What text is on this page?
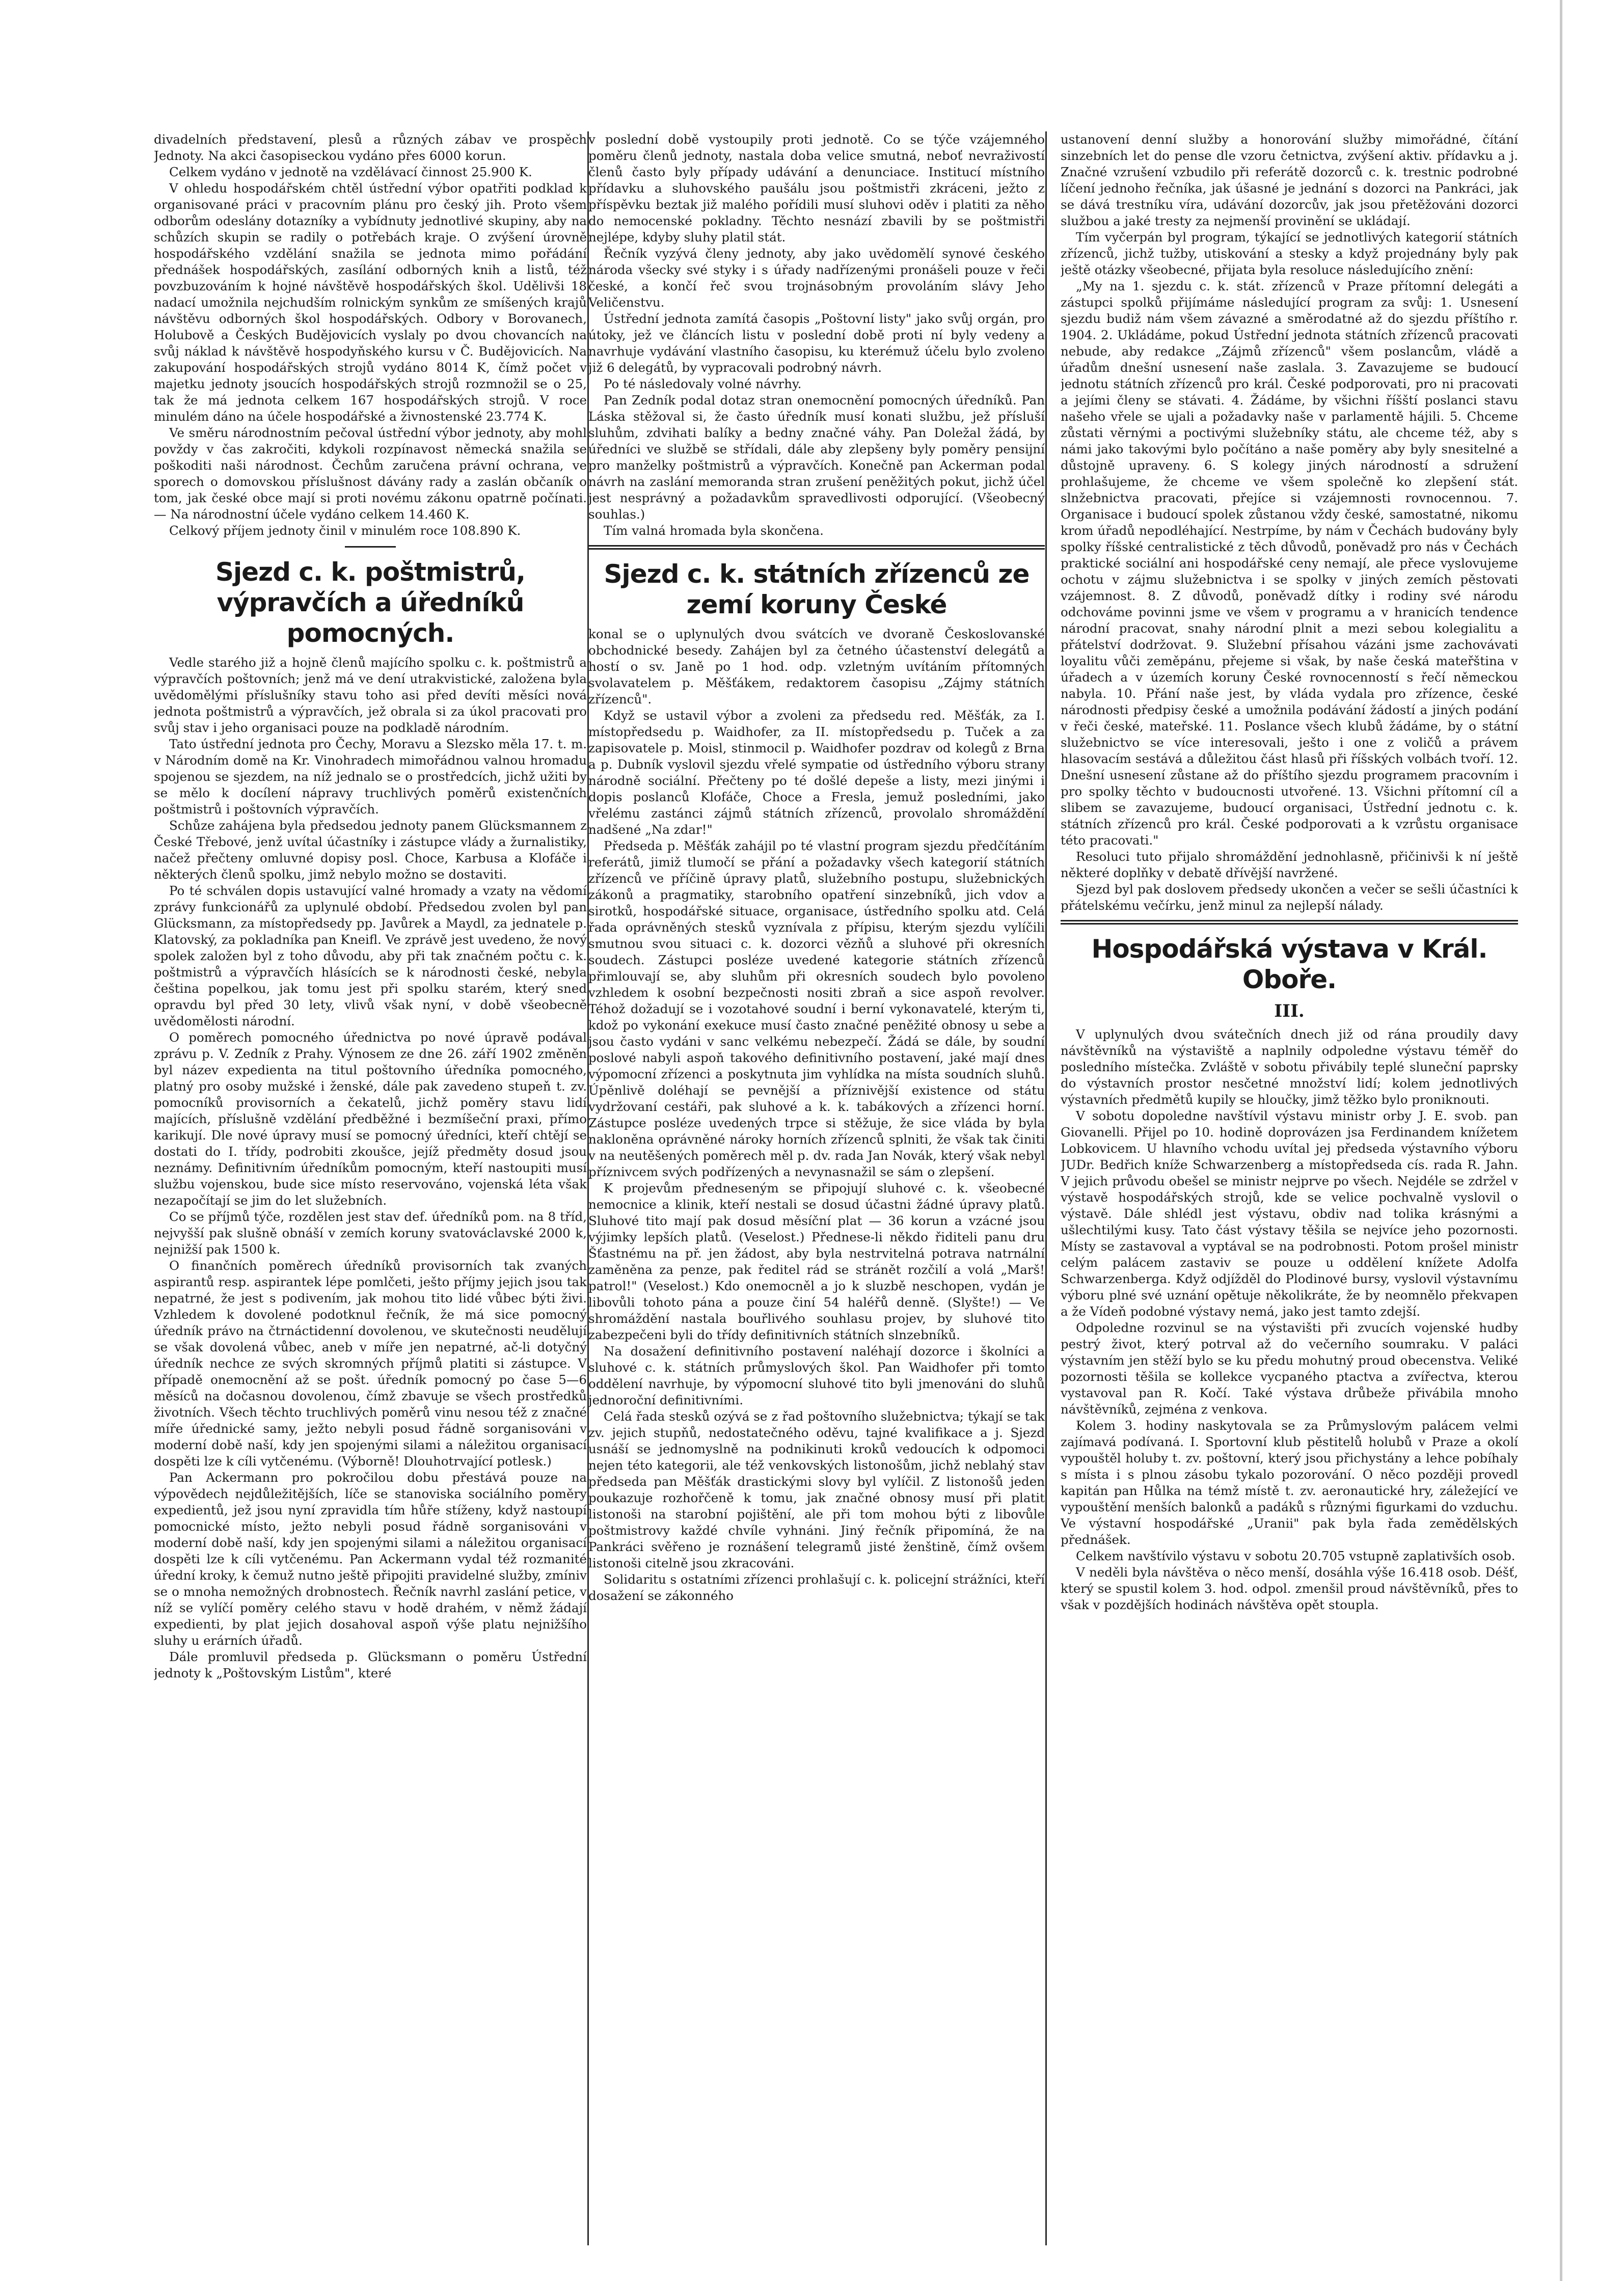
divadelních představení, plesů a různých zábav ve prospěch Jednoty. Na akci časopiseckou vydáno přes 6000 korun.

Celkem vydáno v jednotě na vzdělávací činnost 25.900 K.

V ohledu hospodářském chtěl ústřední výbor opatřiti podklad k organisované práci v pracovním plánu pro český jih. Proto všem odborům odeslány dotazníky a vybídnuty jednotlivé skupiny, aby na schůzích skupin se radily o potřebách kraje. O zvýšení úrovně hospodářského vzdělání snažila se jednota mimo pořádání přednášek hospodářských, zasílání odborných knih a listů, též povzbuzováním k hojné návštěvě hospodářských škol. Udělivši 18 nadací umožnila nejchudším rolnickým synkům ze smíšených krajů návštěvu odborných škol hospodářských. Odbory v Borovanech, Holubově a Českých Budějovicích vyslaly po dvou chovancích na svůj náklad k návštěvě hospodyňského kursu v Č. Budějovicích. Na zakupování hospodářských strojů vydáno 8014 K, čímž počet v majetku jednoty jsoucích hospodářských strojů rozmnožil se o 25, tak že má jednota celkem 167 hospodářských strojů. V roce minulém dáno na účele hospodářské a živnostenské 23.774 K.

Ve směru národnostním pečoval ústřední výbor jednoty, aby mohl povždy v čas zakročiti, kdykoli rozpínavost německá snažila se poškoditi naši národnost. Čechům zaručena právní ochrana, ve sporech o domovskou příslušnost dávány rady a zaslán občaník o tom, jak české obce mají si proti novému zákonu opatrně počínati. — Na národnostní účele vydáno celkem 14.460 K.

Celkový příjem jednoty činil v minulém roce 108.890 K.

Sjezd c. k. poštmistrů, výpravčích a úředníků pomocných.

Vedle starého již a hojně členů majícího spolku c. k. poštmistrů a výpravčích poštovních; jenž má ve dení utrakvistické, založena byla uvědomělými příslušníky stavu toho asi před devíti měsíci nová jednota poštmistrů a výpravčích, jež obrala si za úkol pracovati pro svůj stav i jeho organisaci pouze na podkladě národním.

Tato ústřední jednota pro Čechy, Moravu a Slezsko měla 17. t. m. v Národním domě na Kr. Vinohradech mimořádnou valnou hromadu spojenou se sjezdem, na níž jednalo se o prostředcích, jichž užiti by se mělo k docílení nápravy truchlivých poměrů existenčních poštmistrů i poštovních výpravčích.

Schůze zahájena byla předsedou jednoty panem Glücksmannem z České Třebové, jenž uvítal účastníky i zástupce vlády a žurnalistiky, načež přečteny omluvné dopisy posl. Choce, Karbusa a Klofáče i některých členů spolku, jimž nebylo možno se dostaviti.

Po té schválen dopis ustavující valné hromady a vzaty na vědomí zprávy funkcionářů za uplynulé období. Předsedou zvolen byl pan Glücksmann, za místopředsedy pp. Javůrek a Maydl, za jednatele p. Klatovský, za pokladníka pan Kneifl. Ve zprávě jest uvedeno, že nový spolek založen byl z toho důvodu, aby při tak značném počtu c. k. poštmistrů a výpravčích hlásících se k národnosti české, nebyla čeština popelkou, jak tomu jest při spolku starém, který sned opravdu byl před 30 lety, vlivů však nyní, v době všeobecně uvědomělosti národní.

O poměrech pomocného úřednictva po nové úpravě podával zprávu p. V. Zedník z Prahy. Výnosem ze dne 26. září 1902 změněn byl název expedienta na titul poštovního úředníka pomocného, platný pro osoby mužské i ženské, dále pak zavedeno stupeň t. zv. pomocníků provisorních a čekatelů, jichž poměry stavu lidí majících, příslušně vzdělání předběžné i bezmíšeční praxi, přímo karikují. Dle nové úpravy musí se pomocný úředníci, kteří chtějí se dostati do I. třídy, podrobiti zkoušce, jejíž předměty dosud jsou neznámy. Definitivním úředníkům pomocným, kteří nastoupiti musí službu vojenskou, bude sice místo reservováno, vojenská léta však nezapočítají se jim do let služebních.

Co se příjmů týče, rozdělen jest stav def. úředníků pom. na 8 tříd, nejvyšší pak slušně obnáší v zemích koruny svatováclavské 2000 k, nejnižší pak 1500 k.

O finančních poměrech úředníků provisorních tak zvaných aspirantů resp. aspirantek lépe pomlčeti, ješto příjmy jejich jsou tak nepatrné, že jest s podivením, jak mohou tito lidé vůbec býti živi. Vzhledem k dovolené podotknul řečník, že má sice pomocný úředník právo na čtrnáctidenní dovolenou, ve skutečnosti neudělují se však dovolená vůbec, aneb v míře jen nepatrné, ač-li dotyčný úředník nechce ze svých skromných příjmů platiti si zástupce. V případě onemocnění až se pošt. úředník pomocný po čase 5—6 měsíců na dočasnou dovolenou, čímž zbavuje se všech prostředků životních. Všech těchto truchlivých poměrů vinu nesou též z značné míře úřednické samy, ježto nebyli posud řádně sorganisováni v moderní době naší, kdy jen spojenými silami a náležitou organisací dospěti lze k cíli vytčenému. (Výborně! Dlouhotrvající potlesk.)

Pan Ackermann pro pokročilou dobu přestává pouze na výpovědech nejdůležitějších, líče se stanoviska sociálního poměry expedientů, jež jsou nyní zpravidla tím hůře stíženy, když nastoupí pomocnické místo, ježto nebyli posud řádně sorganisováni v moderní době naší, kdy jen spojenými silami a náležitou organisací dospěti lze k cíli vytčenému. Pan Ackermann vydal též rozmanité úřední kroky, k čemuž nutno ještě připojiti pravidelné služby, zmíniv se o mnoha nemožných drobnostech. Řečník navrhl zaslání petice, v níž se vylíčí poměry celého stavu v hodě drahém, v němž žádají expedienti, by plat jejich dosahoval aspoň výše platu nejnižšího sluhy u erárních úřadů.

Dále promluvil předseda p. Glücksmann o poměru Ústřední jednoty k „Poštovským Listům", které

v poslední době vystoupily proti jednotě. Co se týče vzájemného poměru členů jednoty, nastala doba velice smutná, neboť nevraživostí členů často byly případy udávání a denunciace. Institucí místního přídavku a sluhovského paušálu jsou poštmistři zkráceni, ježto z příspěvku beztak již malého pořídili musí sluhovi oděv i platiti za něho do nemocenské pokladny. Těchto nesnází zbavili by se poštmistři nejlépe, kdyby sluhy platil stát.

Řečník vyzývá členy jednoty, aby jako uvědomělí synové českého národa všecky své styky i s úřady nadřízenými pronášeli pouze v řeči české, a končí řeč svou trojnásobným provoláním slávy Jeho Veličenstvu.

Ústřední jednota zamítá časopis „Poštovní listy" jako svůj orgán, pro útoky, jež ve článcích listu v poslední době proti ní byly vedeny a navrhuje vydávání vlastního časopisu, ku kterémuž účelu bylo zvoleno již 6 delegátů, by vypracovali podrobný návrh.

Po té následovaly volné návrhy.

Pan Zedník podal dotaz stran onemocnění pomocných úředníků. Pan Láska stěžoval si, že často úředník musí konati službu, jež přísluší sluhům, zdvihati balíky a bedny značné váhy. Pan Doležal žádá, by úředníci ve službě se střídali, dále aby zlepšeny byly poměry pensijní pro manželky poštmistrů a výpravčích. Konečně pan Ackerman podal návrh na zaslání memoranda stran zrušení peněžitých pokut, jichž účel jest nesprávný a požadavkům spravedlivosti odporující. (Všeobecný souhlas.)

Tím valná hromada byla skončena.

Sjezd c. k. státních zřízenců ze zemí koruny České

konal se o uplynulých dvou svátcích ve dvoraně Českoslovanské obchodnické besedy. Zahájen byl za četného účastenství delegátů a hostí o sv. Janě po 1 hod. odp. vzletným uvítáním přítomných svolavatelem p. Měšťákem, redaktorem časopisu „Zájmy státních zřízenců".

Když se ustavil výbor a zvoleni za předsedu red. Měšťák, za I. místopředsedu p. Waidhofer, za II. místopředsedu p. Tuček a za zapisovatele p. Moisl, stinmocil p. Waidhofer pozdrav od kolegů z Brna a p. Dubník vyslovil sjezdu vřelé sympatie od ústředního výboru strany národně sociální. Přečteny po té došlé depeše a listy, mezi jinými i dopis poslanců Klofáče, Choce a Fresla, jemuž posledními, jako vřelému zastánci zájmů státních zřízenců, provolalo shromáždění nadšené „Na zdar!"

Předseda p. Měšťák zahájil po té vlastní program sjezdu předčítáním referátů, jimiž tlumočí se přání a požadavky všech kategorií státních zřízenců ve příčině úpravy platů, služebního postupu, služebnických zákonů a pragmatiky, starobního opatření sinzebníků, jich vdov a sirotků, hospodářské situace, organisace, ústředního spolku atd. Celá řada oprávněných stesků vyznívala z přípisu, kterým sjezdu vylíčili smutnou svou situaci c. k. dozorci vězňů a sluhové při okresních soudech. Zástupci posléze uvedené kategorie státních zřízenců přimlouvají se, aby sluhům při okresních soudech bylo povoleno vzhledem k osobní bezpečnosti nositi zbraň a sice aspoň revolver. Téhož dožadují se i vozotahové soudní i berní vykonavatelé, kterým ti, kdož po vykonání exekuce musí často značné peněžité obnosy u sebe a jsou často vydáni v sanc velkému nebezpečí. Žádá se dále, by soudní poslové nabyli aspoň takového definitivního postavení, jaké mají dnes výpomocní zřízenci a poskytnuta jim vyhlídka na místa soudních sluhů. Úpěnlivě doléhají se pevnější a příznivější existence od státu vydržovaní cestáři, pak sluhové a k. k. tabákových a zřízenci horní. Zástupce posléze uvedených trpce si stěžuje, že sice vláda by byla nakloněna oprávněné nároky horních zřízenců splniti, že však tak činiti v na neutěšených poměrech měl p. dv. rada Jan Novák, který však nebyl příznivcem svých podřízených a nevynasnažil se sám o zlepšení.

K projevům předneseným se připojují sluhové c. k. všeobecné nemocnice a klinik, kteří nestali se dosud účastni žádné úpravy platů. Sluhové tito mají pak dosud měsíční plat — 36 korun a vzácné jsou výjimky lepších platů. (Veselost.) Přednese-li někdo řiditeli panu dru Šťastnému na př. jen žádost, aby byla nestrvitelná potrava natrnální zaměněna za penze, pak ředitel rád se stránět rozčilí a volá „Marš! patrol!" (Veselost.) Kdo onemocněl a jo k sluzbě neschopen, vydán je libovůli tohoto pána a pouze činí 54 haléřů denně. (Slyšte!) — Ve shromáždění nastala bouřlivého souhlasu projev, by sluhové tito zabezpečeni byli do třídy definitivních státních slnzebníků.

Na dosažení definitivního postavení naléhají dozorce i školníci a sluhové c. k. státních průmyslových škol. Pan Waidhofer při tomto oddělení navrhuje, by výpomocní sluhové tito byli jmenováni do sluhů jednoroční definitivními.

Celá řada stesků ozývá se z řad poštovního služebnictva; týkají se tak zv. jejich stupňů, nedostatečného oděvu, tajné kvalifikace a j. Sjezd usnáší se jednomyslně na podnikinuti kroků vedoucích k odpomoci nejen této kategorii, ale též venkovských listonošům, jichž neblahý stav předseda pan Měšťák drastickými slovy byl vylíčil. Z listonošů jeden poukazuje rozhořčeně k tomu, jak značné obnosy musí při platit listonoši na starobní pojištění, ale při tom mohou býti z libovůle poštmistrovy každé chvíle vyhnáni. Jiný řečník připomíná, že na Pankráci svěřeno je roznášení telegramů jisté ženštině, čímž ovšem listonoši citelně jsou zkracováni.

Solidaritu s ostatními zřízenci prohlašují c. k. policejní strážníci, kteří dosažení se zákonného

ustanovení denní služby a honorování služby mimořádné, čítání sinzebních let do pense dle vzoru četnictva, zvýšení aktiv. přídavku a j. Značné vzrušení vzbudilo při referátě dozorců c. k. trestnic podrobné líčení jednoho řečníka, jak úšasné je jednání s dozorci na Pankráci, jak se dává trestníku víra, udávání dozorcův, jak jsou přetěžováni dozorci službou a jaké tresty za nejmenší provinění se ukládají.

Tím vyčerpán byl program, týkající se jednotlivých kategorií státních zřízenců, jichž tužby, utiskování a stesky a když projednány byly pak ještě otázky všeobecné, přijata byla resoluce následujícího znění:

„My na 1. sjezdu c. k. stát. zřízenců v Praze přítomní delegáti a zástupci spolků přijímáme následující program za svůj: 1. Usnesení sjezdu budiž nám všem závazné a směrodatné až do sjezdu příštího r. 1904. 2. Ukládáme, pokud Ústřední jednota státních zřízenců pracovati nebude, aby redakce „Zájmů zřízenců" všem poslancům, vládě a úřadům dnešní usnesení naše zaslala. 3. Zavazujeme se budoucí jednotu státních zřízenců pro král. České podporovati, pro ni pracovati a jejími členy se stávati. 4. Žádáme, by všichni říšští poslanci stavu našeho vřele se ujali a požadavky naše v parlamentě hájili. 5. Chceme zůstati věrnými a poctivými služebníky státu, ale chceme též, aby s námi jako takovými bylo počítáno a naše poměry aby byly snesitelné a důstojně upraveny. 6. S kolegy jiných národností a sdružení prohlašujeme, že chceme ve všem společně ko zlepšení stát. slnžebnictva pracovati, přejíce si vzájemnosti rovnocennou. 7. Organisace i budoucí spolek zůstanou vždy české, samostatné, nikomu krom úřadů nepodléhající. Nestrpíme, by nám v Čechách budovány byly spolky říšské centralistické z těch důvodů, poněvadž pro nás v Čechách praktické sociální ani hospodářské ceny nemají, ale přece vyslovujeme ochotu v zájmu služebnictva i se spolky v jiných zemích pěstovati vzájemnost. 8. Z důvodů, poněvadž dítky i rodiny své národu odchováme povinni jsme ve všem v programu a v hranicích tendence národní pracovat, snahy národní plnit a mezi sebou kolegialitu a přátelství dodržovat. 9. Služební přísahou vázáni jsme zachovávati loyalitu vůči zeměpánu, přejeme si však, by naše česká mateřština v úřadech a v územích koruny České rovnocenností s řečí německou nabyla. 10. Přání naše jest, by vláda vydala pro zřízence, české národnosti předpisy české a umožnila podávání žádostí a jiných podání v řeči české, mateřské. 11. Poslance všech klubů žádáme, by o státní služebnictvo se více interesovali, ješto i one z voličů a právem hlasovacím sestává a důležitou část hlasů při říšských volbách tvoří. 12. Dnešní usnesení zůstane až do příštího sjezdu programem pracovním i pro spolky těchto v budoucnosti utvořené. 13. Všichni přítomní cíl a slibem se zavazujeme, budoucí organisaci, Ústřední jednotu c. k. státních zřízenců pro král. České podporovati a k vzrůstu organisace této pracovati."

Resoluci tuto přijalo shromáždění jednohlasně, přičinivši k ní ještě některé doplňky v debatě dřívější navržené.

Sjezd byl pak doslovem předsedy ukončen a večer se sešli účastníci k přátelskému večírku, jenž minul za nejlepší nálady.

Hospodářská výstava v Král. Oboře.
III.

V uplynulých dvou svátečních dnech již od rána proudily davy návštěvníků na výstaviště a naplnily odpoledne výstavu téměř do posledního místečka. Zvláště v sobotu přivábily teplé sluneční paprsky do výstavních prostor nesčetné množství lidí; kolem jednotlivých výstavních předmětů kupily se hloučky, jimž těžko bylo proniknouti.

V sobotu dopoledne navštívil výstavu ministr orby J. E. svob. pan Giovanelli. Přijel po 10. hodině doprovázen jsa Ferdinandem knížetem Lobkovicem. U hlavního vchodu uvítal jej předseda výstavního výboru JUDr. Bedřich kníže Schwarzenberg a místopředseda cís. rada R. Jahn. V jejich průvodu obešel se ministr nejprve po všech. Nejdéle se zdržel v výstavě hospodářských strojů, kde se velice pochvalně vyslovil o výstavě. Dále shlédl jest výstavu, obdiv nad tolika krásnými a ušlechtilými kusy. Tato část výstavy těšila se nejvíce jeho pozornosti. Místy se zastavoval a vyptával se na podrobnosti. Potom prošel ministr celým palácem zastaviv se pouze u oddělení knížete Adolfa Schwarzenberga. Když odjížděl do Plodinové bursy, vyslovil výstavnímu výboru plné své uznání opětuje několikráte, že by neomnělo překvapen a že Vídeň podobné výstavy nemá, jako jest tamto zdejší.

Odpoledne rozvinul se na výstavišti při zvucích vojenské hudby pestrý život, který potrval až do večerního soumraku. V paláci výstavním jen stěží bylo se ku předu mohutný proud obecenstva. Veliké pozornosti těšila se kollekce vycpaného ptactva a zvířectva, kterou vystavoval pan R. Kočí. Také výstava drůbeže přivábila mnoho návštěvníků, zejména z venkova.

Kolem 3. hodiny naskytovala se za Průmyslovým palácem velmi zajímavá podívaná. I. Sportovní klub pěstitelů holubů v Praze a okolí vypouštěl holuby t. zv. poštovní, který jsou přichystány a lehce pobíhaly s místa i s plnou zásobu tykalo pozorování. O něco později provedl kapitán pan Hůlka na témž místě t. zv. aeronautické hry, záležející ve vypouštění menších balonků a padáků s různými figurkami do vzduchu. Ve výstavní hospodářské „Uranii" pak byla řada zemědělských přednášek.

Celkem navštívilo výstavu v sobotu 20.705 vstupně zaplativších osob.

V neděli byla návštěva o něco menší, dosáhla výše 16.418 osob. Déšť, který se spustil kolem 3. hod. odpol. zmenšil proud návštěvníků, přes to však v pozdějších hodinách návštěva opět stoupla.
